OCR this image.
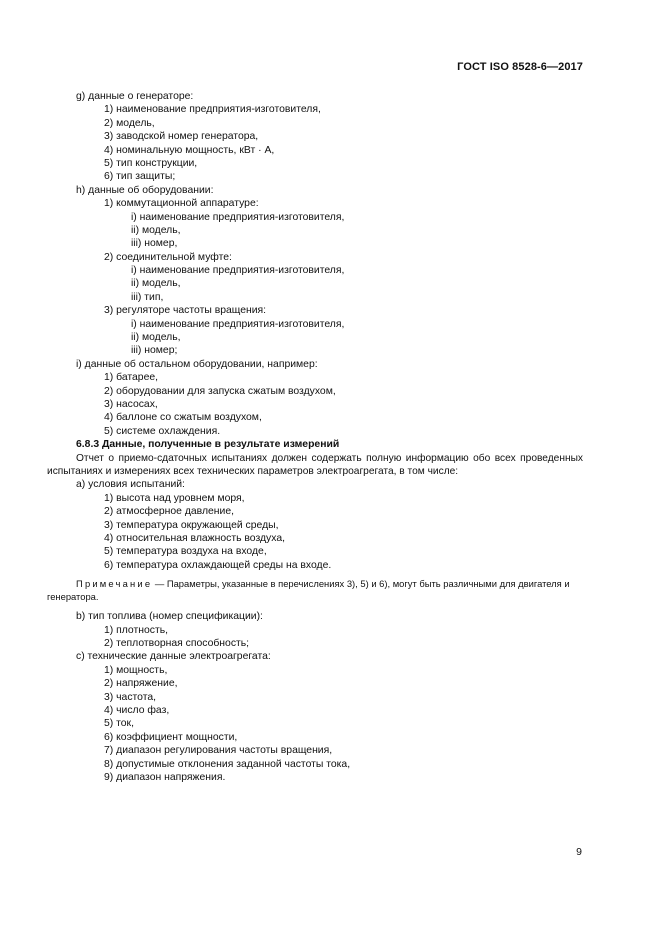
ГОСТ ISO 8528-6—2017
g) данные о генераторе:
1) наименование предприятия-изготовителя,
2) модель,
3) заводской номер генератора,
4) номинальную мощность, кВт · А,
5) тип конструкции,
6) тип защиты;
h) данные об оборудовании:
1) коммутационной аппаратуре:
i) наименование предприятия-изготовителя,
ii) модель,
iii) номер,
2) соединительной муфте:
i) наименование предприятия-изготовителя,
ii) модель,
iii) тип,
3) регуляторе частоты вращения:
i) наименование предприятия-изготовителя,
ii) модель,
iii) номер;
i) данные об остальном оборудовании, например:
1) батарее,
2) оборудовании для запуска сжатым воздухом,
3) насосах,
4) баллоне со сжатым воздухом,
5) системе охлаждения.
6.8.3 Данные, полученные в результате измерений
Отчет о приемо-сдаточных испытаниях должен содержать полную информацию обо всех проведенных испытаниях и измерениях всех технических параметров электроагрегата, в том числе:
а) условия испытаний:
1) высота над уровнем моря,
2) атмосферное давление,
3) температура окружающей среды,
4) относительная влажность воздуха,
5) температура воздуха на входе,
6) температура охлаждающей среды на входе.
Примечание — Параметры, указанные в перечислениях 3), 5) и 6), могут быть различными для двигателя и генератора.
b) тип топлива (номер спецификации):
1) плотность,
2) теплотворная способность;
c) технические данные электроагрегата:
1) мощность,
2) напряжение,
3) частота,
4) число фаз,
5) ток,
6) коэффициент мощности,
7) диапазон регулирования частоты вращения,
8) допустимые отклонения заданной частоты тока,
9) диапазон напряжения.
9
